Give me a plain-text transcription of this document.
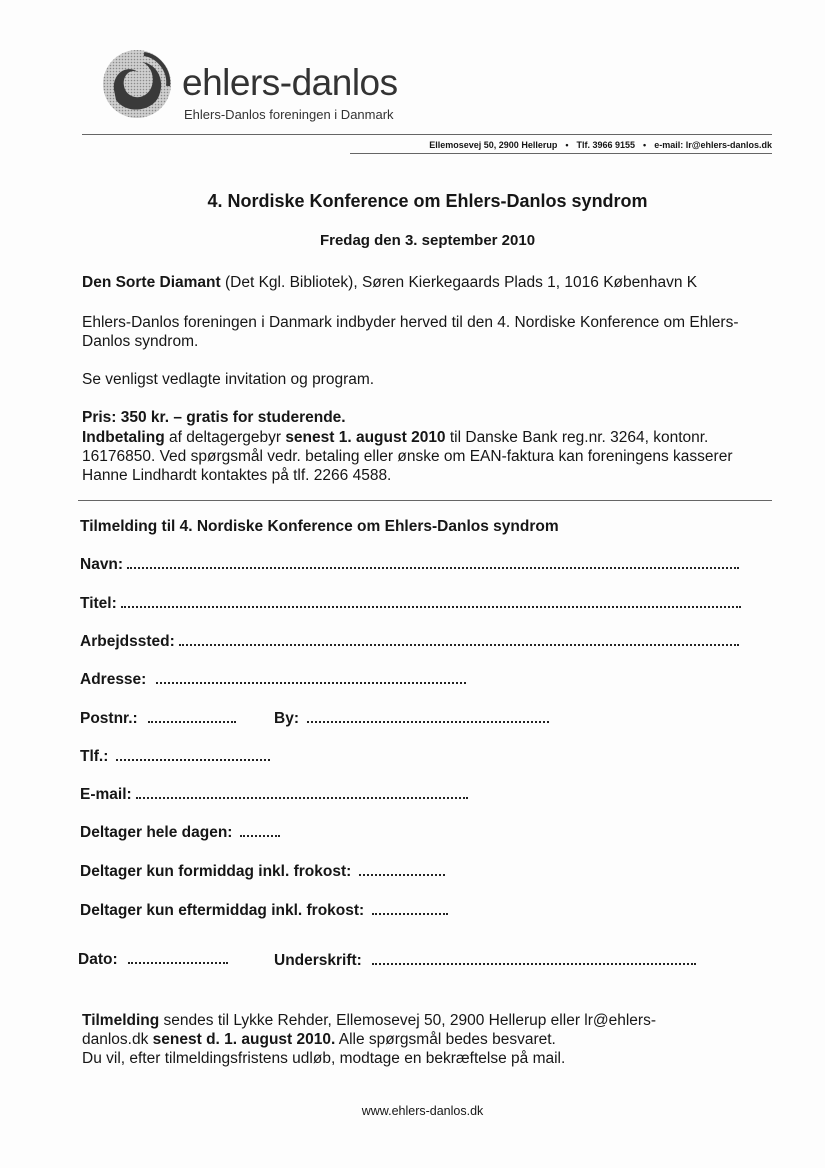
ehlers-danlos
Ehlers-Danlos foreningen i Danmark
Ellemosevej 50, 2900 Hellerup • Tlf. 3966 9155 • e-mail: lr@ehlers-danlos.dk
4. Nordiske Konference om Ehlers-Danlos syndrom
Fredag den 3. september 2010
Den Sorte Diamant (Det Kgl. Bibliotek), Søren Kierkegaards Plads 1, 1016 København K
Ehlers-Danlos foreningen i Danmark indbyder herved til den 4. Nordiske Konference om Ehlers-Danlos syndrom.
Se venligst vedlagte invitation og program.
Pris: 350 kr. – gratis for studerende.
Indbetaling af deltagergebyr senest 1. august 2010 til Danske Bank reg.nr. 3264, kontonr. 16176850. Ved spørgsmål vedr. betaling eller ønske om EAN-faktura kan foreningens kasserer Hanne Lindhardt kontaktes på tlf. 2266 4588.
Tilmelding til 4. Nordiske Konference om Ehlers-Danlos syndrom
Navn:
Titel:
Arbejdssted:
Adresse:
Postnr.:	By:
Tlf.:
E-mail:
Deltager hele dagen:
Deltager kun formiddag inkl. frokost:
Deltager kun eftermiddag inkl. frokost:
Dato:	Underskrift:
Tilmelding sendes til Lykke Rehder, Ellemosevej 50, 2900 Hellerup eller lr@ehlers-danlos.dk senest d. 1. august 2010. Alle spørgsmål bedes besvaret.
Du vil, efter tilmeldingsfristens udløb, modtage en bekræftelse på mail.
www.ehlers-danlos.dk
